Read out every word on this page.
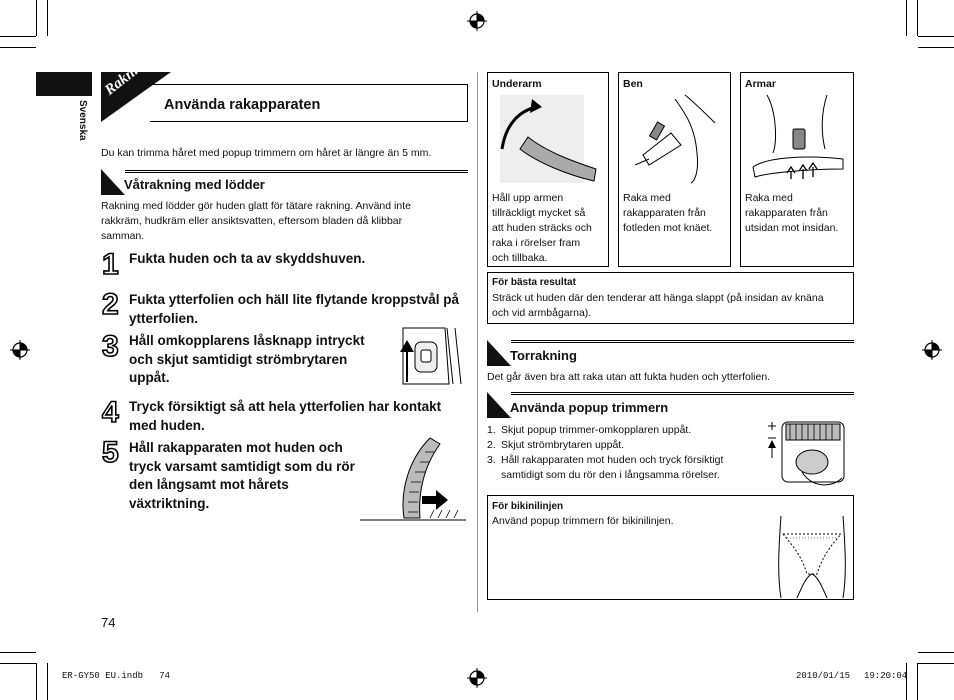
Svenska
Rakning
Använda rakapparaten
Du kan trimma håret med popup trimmern om håret är längre än 5 mm.
Våtrakning med lödder
Rakning med lödder gör huden glatt för tätare rakning. Använd inte
rakkräm, hudkräm eller ansiktsvatten, eftersom bladen då klibbar
samman.
1 Fukta huden och ta av skyddshuven.
2 Fukta ytterfolien och häll lite flytande kroppstvål på
ytterfolien.
3 Håll omkopplarens låsknapp intryckt
och skjut samtidigt strömbrytaren
uppåt.
4 Tryck försiktigt så att hela ytterfolien har kontakt
med huden.
5 Håll rakapparaten mot huden och
tryck varsamt samtidigt som du rör
den långsamt mot hårets
växtriktning.
Underarm
Håll upp armen
tillräckligt mycket så
att huden sträcks och
raka i rörelser fram
och tillbaka.
Ben
Raka med
rakapparaten från
fotleden mot knäet.
Armar
Raka med
rakapparaten från
utsidan mot insidan.
För bästa resultat
Sträck ut huden där den tenderar att hänga slappt (på insidan av knäna
och vid armbågarna).
Torrakning
Det går även bra att raka utan att fukta huden och ytterfolien.
Använda popup trimmern
1. Skjut popup trimmer-omkopplaren uppåt.
2. Skjut strömbrytaren uppåt.
3. Håll rakapparaten mot huden och tryck försiktigt
samtidigt som du rör den i långsamma rörelser.
För bikinilinjen
Använd popup trimmern för bikinilinjen.
74
ER-GY50 EU.indb   74	2010/01/15 19:20:04
